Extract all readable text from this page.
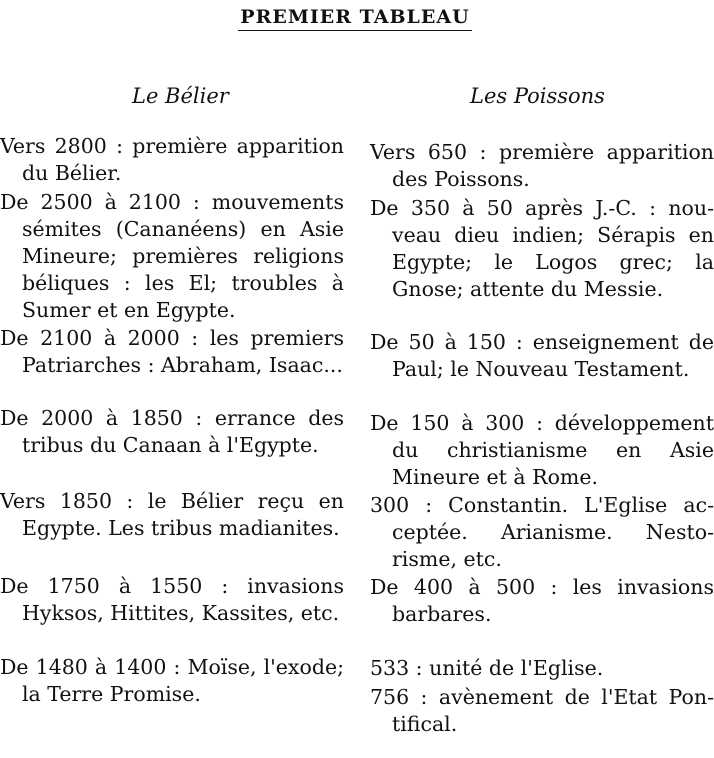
PREMIER TABLEAU
Le Bélier	Les Poissons
Vers 2800 : première apparition du Bélier.
De 2500 à 2100 : mouvements sémites (Cananéens) en Asie Mineure; premières religions béliques : les El; troubles à Sumer et en Egypte.
De 2100 à 2000 : les premiers Patriarches : Abraham, Isaac...
De 2000 à 1850 : errance des tribus du Canaan à l'Egypte.
Vers 1850 : le Bélier reçu en Egypte. Les tribus madianites.
De 1750 à 1550 : invasions Hyksos, Hittites, Kassites, etc.
De 1480 à 1400 : Moïse, l'exode; la Terre Promise.
Vers 650 : première apparition des Poissons.
De 350 à 50 après J.-C. : nouveau dieu indien; Sérapis en Egypte; le Logos grec; la Gnose; attente du Messie.
De 50 à 150 : enseignement de Paul; le Nouveau Testament.
De 150 à 300 : développement du christianisme en Asie Mineure et à Rome.
300 : Constantin. L'Eglise acceptée. Arianisme. Nestorisme, etc.
De 400 à 500 : les invasions barbares.
533 : unité de l'Eglise.
756 : avènement de l'Etat Pontifical.
